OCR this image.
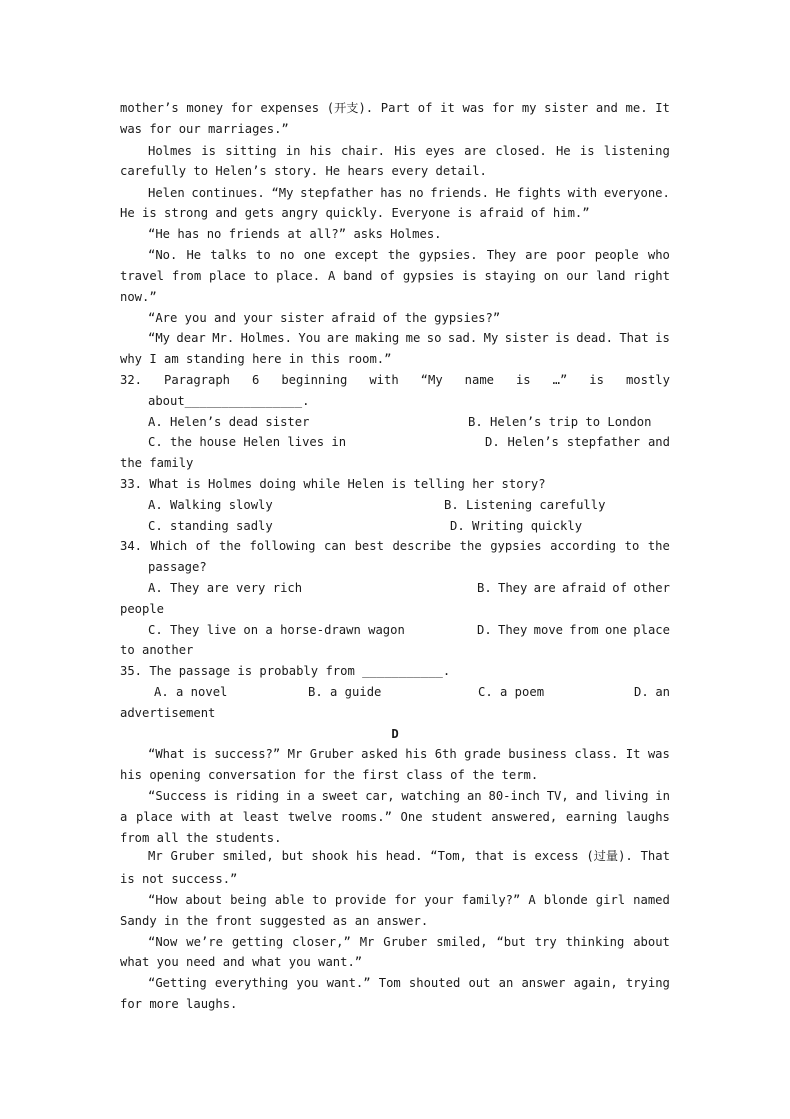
mother’s money for expenses (开支). Part of it was for my sister and me. It
was for our marriages.”
Holmes is sitting in his chair. His eyes are closed. He is listening
carefully to Helen’s story. He hears every detail.
Helen continues. “My stepfather has no friends. He fights with everyone.
He is strong and gets angry quickly. Everyone is afraid of him.”
“He has no friends at all?” asks Holmes.
“No. He talks to no one except the gypsies. They are poor people who
travel from place to place. A band of gypsies is staying on our land right
now.”
“Are you and your sister afraid of the gypsies?”
“My dear Mr. Holmes. You are making me so sad. My sister is dead. That is
why I am standing here in this room.”
32. Paragraph 6 beginning with “My name is …” is mostly
about________________.
A. Helen’s dead sister	B. Helen’s trip to London
C. the house Helen lives in	D. Helen’s stepfather and
the family
33. What is Holmes doing while Helen is telling her story?
A. Walking slowly	B. Listening carefully
C. standing sadly	D. Writing quickly
34. Which of the following can best describe the gypsies according to the
passage?
A. They are very rich	B. They are afraid of other
people
C. They live on a horse-drawn wagon	D. They move from one place
to another
35. The passage is probably from ___________.
A. a novel	B. a guide	C. a poem	D. an
advertisement
D
“What is success?” Mr Gruber asked his 6th grade business class. It was
his opening conversation for the first class of the term.
“Success is riding in a sweet car, watching an 80-inch TV, and living in
a place with at least twelve rooms.” One student answered, earning laughs
from all the students.
Mr Gruber smiled, but shook his head. “Tom, that is excess (过量). That
is not success.”
“How about being able to provide for your family?” A blonde girl named
Sandy in the front suggested as an answer.
“Now we’re getting closer,” Mr Gruber smiled, “but try thinking about
what you need and what you want.”
“Getting everything you want.” Tom shouted out an answer again, trying
for more laughs.
